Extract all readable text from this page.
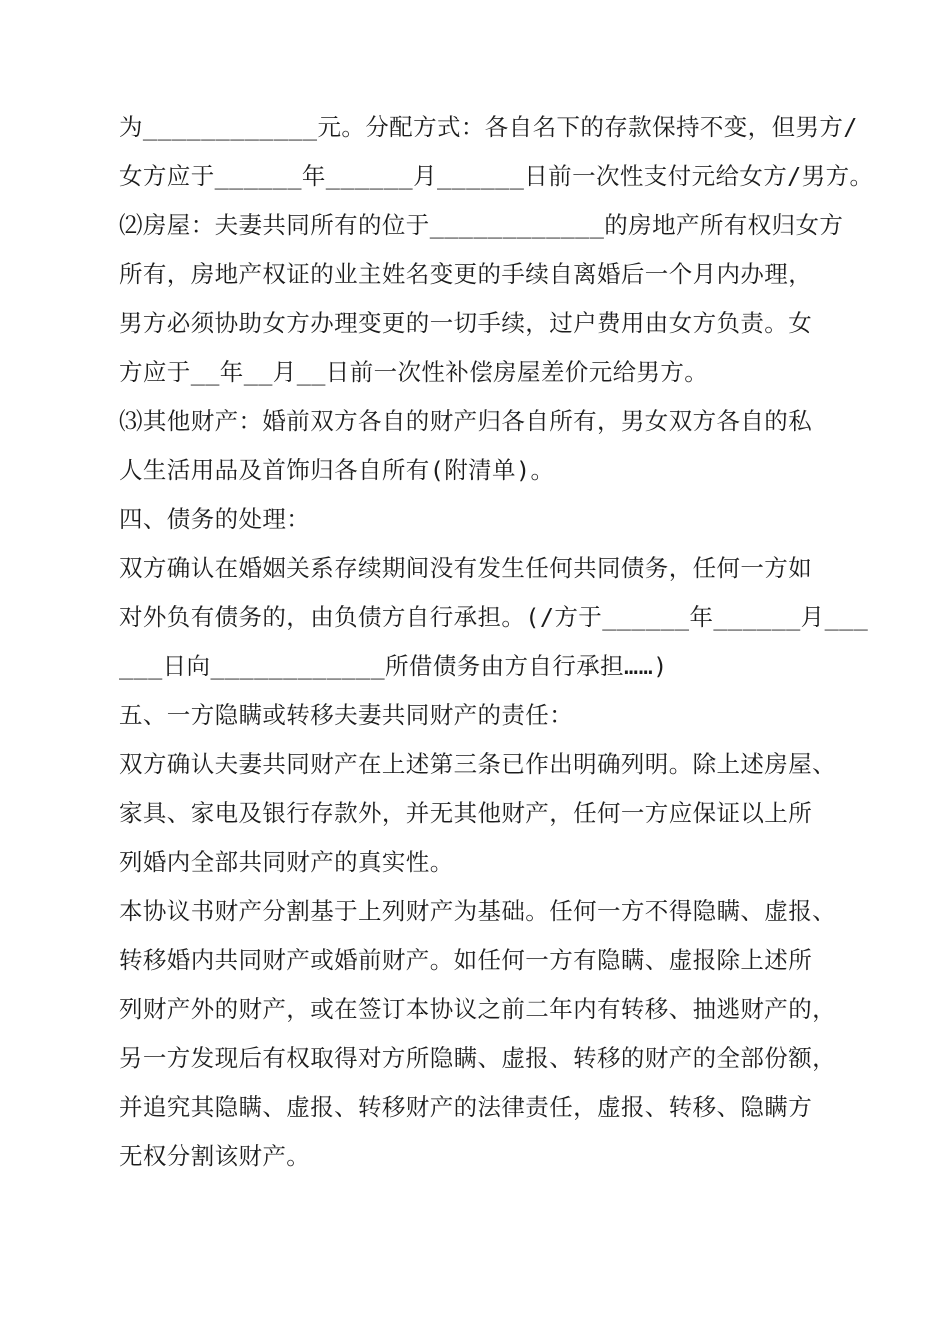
为____________元。分配方式：各自名下的存款保持不变，但男方/
女方应于______年______月______日前一次性支付元给女方/男方。
⑵房屋：夫妻共同所有的位于____________的房地产所有权归女方
所有，房地产权证的业主姓名变更的手续自离婚后一个月内办理，
男方必须协助女方办理变更的一切手续，过户费用由女方负责。女
方应于__年__月__日前一次性补偿房屋差价元给男方。
⑶其他财产：婚前双方各自的财产归各自所有，男女双方各自的私
人生活用品及首饰归各自所有(附清单)。
四、债务的处理：
双方确认在婚姻关系存续期间没有发生任何共同债务，任何一方如
对外负有债务的，由负债方自行承担。(/方于______年______月___
___日向____________所借债务由方自行承担……)
五、一方隐瞒或转移夫妻共同财产的责任：
双方确认夫妻共同财产在上述第三条已作出明确列明。除上述房屋、
家具、家电及银行存款外，并无其他财产，任何一方应保证以上所
列婚内全部共同财产的真实性。
本协议书财产分割基于上列财产为基础。任何一方不得隐瞒、虚报、
转移婚内共同财产或婚前财产。如任何一方有隐瞒、虚报除上述所
列财产外的财产，或在签订本协议之前二年内有转移、抽逃财产的，
另一方发现后有权取得对方所隐瞒、虚报、转移的财产的全部份额，
并追究其隐瞒、虚报、转移财产的法律责任，虚报、转移、隐瞒方
无权分割该财产。
